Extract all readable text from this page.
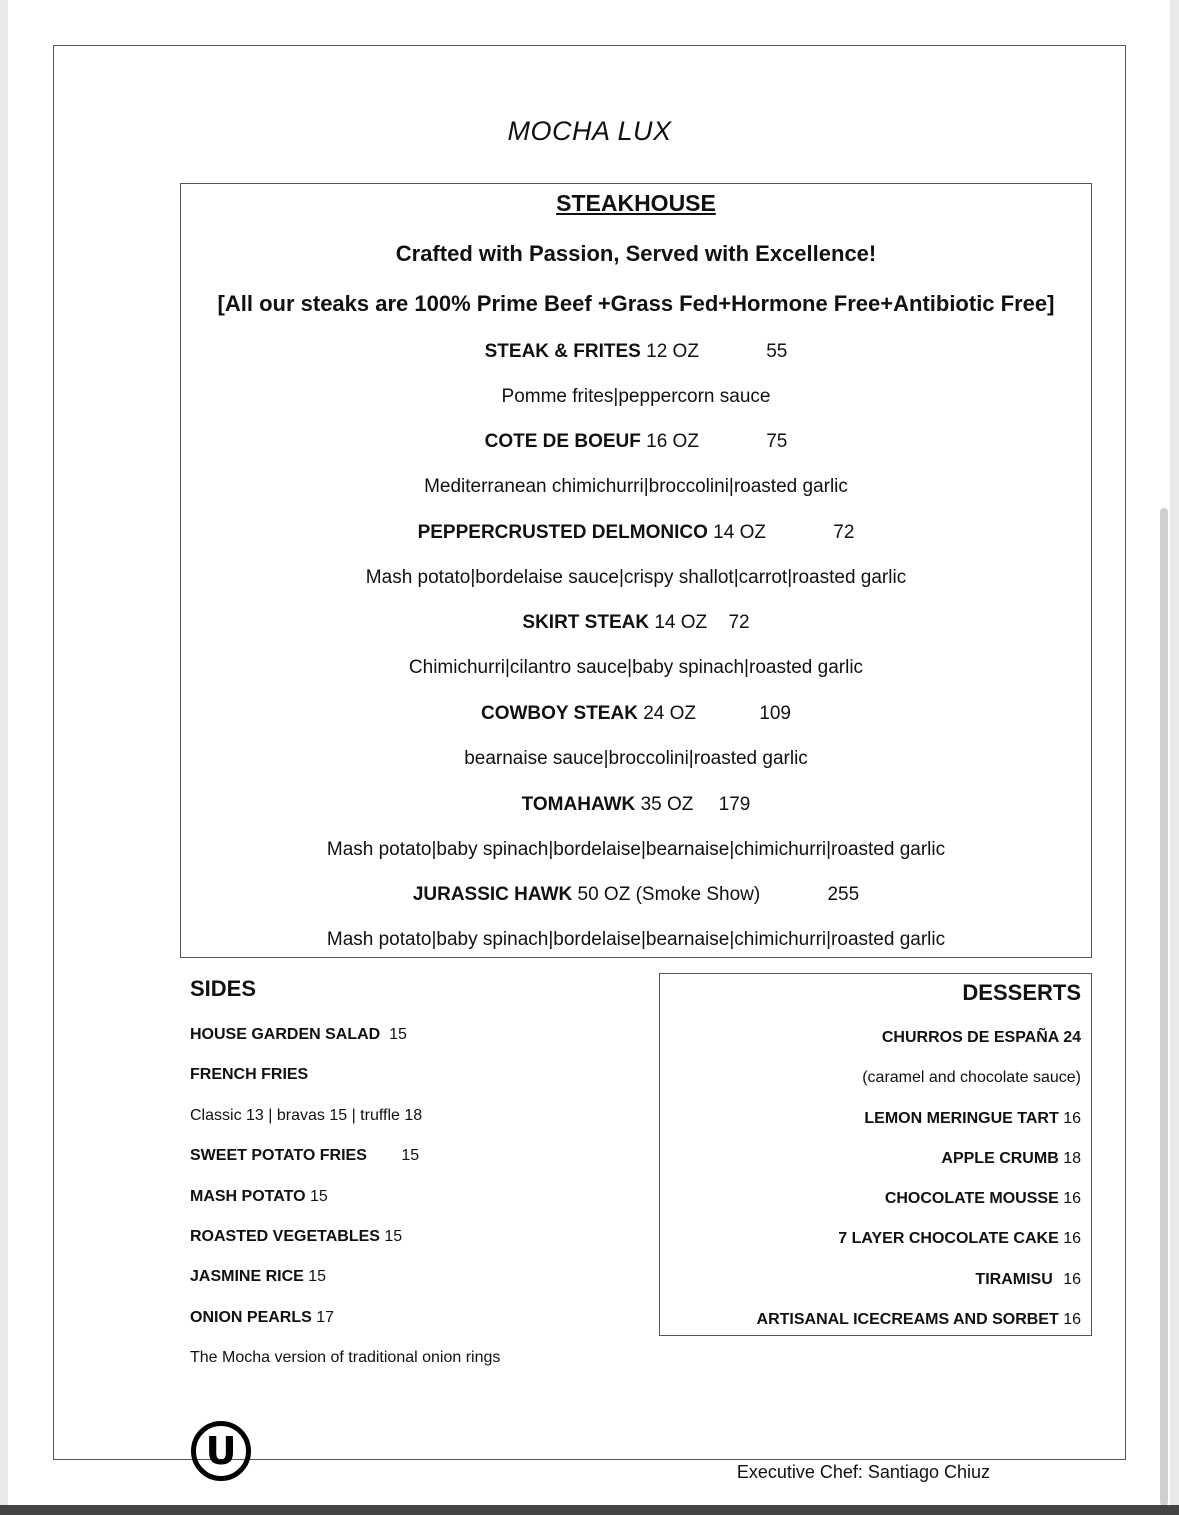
MOCHA LUX
STEAKHOUSE
Crafted with Passion, Served with Excellence!
[All our steaks are 100% Prime Beef +Grass Fed+Hormone Free+Antibiotic Free]
STEAK & FRITES 12 OZ	55
Pomme frites|peppercorn sauce
COTE DE BOEUF 16 OZ	75
Mediterranean chimichurri|broccolini|roasted garlic
PEPPERCRUSTED DELMONICO 14 OZ	72
Mash potato|bordelaise sauce|crispy shallot|carrot|roasted garlic
SKIRT STEAK 14 OZ 72
Chimichurri|cilantro sauce|baby spinach|roasted garlic
COWBOY STEAK 24 OZ	109
bearnaise sauce|broccolini|roasted garlic
TOMAHAWK 35 OZ 179
Mash potato|baby spinach|bordelaise|bearnaise|chimichurri|roasted garlic
JURASSIC HAWK 50 OZ (Smoke Show)	255
Mash potato|baby spinach|bordelaise|bearnaise|chimichurri|roasted garlic
SIDES
HOUSE GARDEN SALAD 15
FRENCH FRIES
Classic 13 | bravas 15 | truffle 18
SWEET POTATO FRIES 15
MASH POTATO 15
ROASTED VEGETABLES 15
JASMINE RICE 15
ONION PEARLS 17
The Mocha version of traditional onion rings
DESSERTS
CHURROS DE ESPAÑA 24
(caramel and chocolate sauce)
LEMON MERINGUE TART 16
APPLE CRUMB 18
CHOCOLATE MOUSSE 16
7 LAYER CHOCOLATE CAKE 16
TIRAMISU 16
ARTISANAL ICECREAMS AND SORBET 16
U	Executive Chef: Santiago Chiuz
